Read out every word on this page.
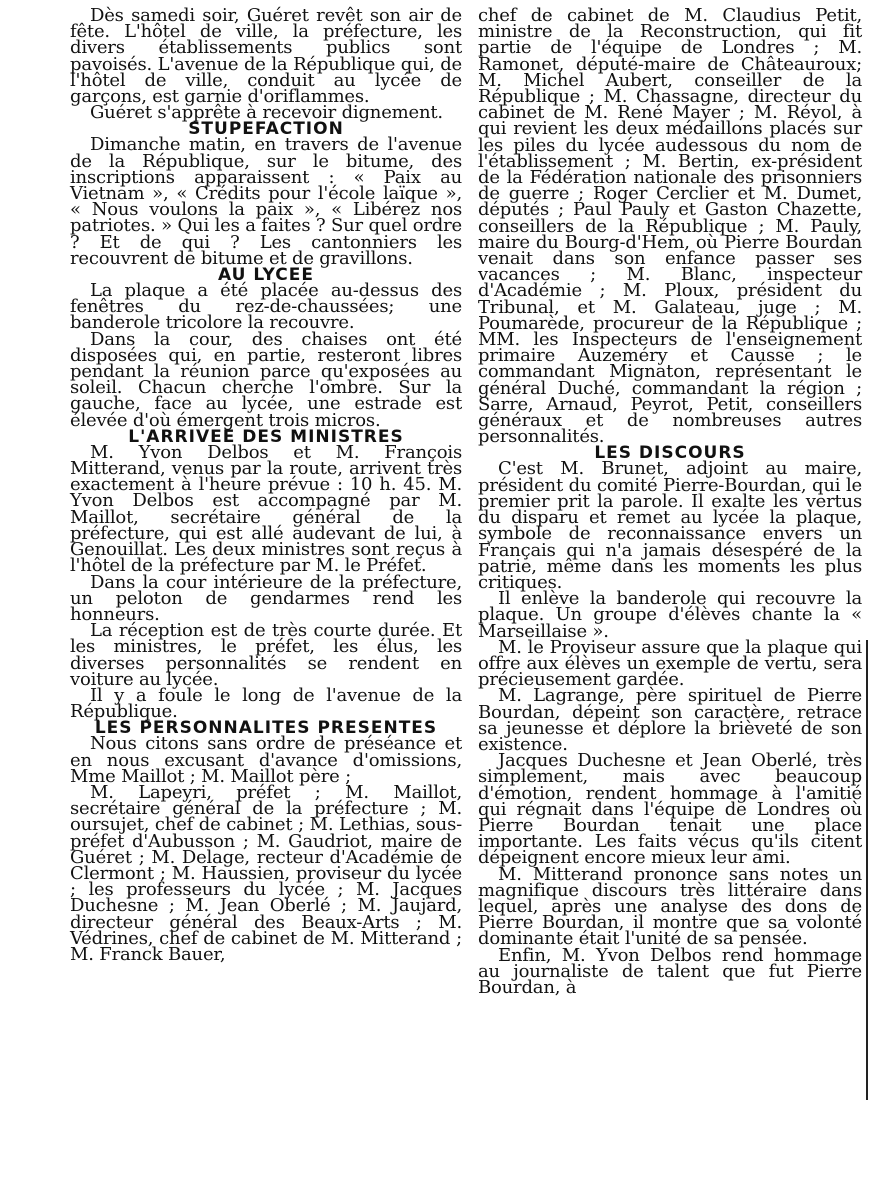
Dès samedi soir, Guéret revêt son air de fête. L'hôtel de ville, la préfecture, les divers établissements publics sont pavoisés. L'avenue de la République qui, de l'hôtel de ville, conduit au lycée de garçons, est garnie d'oriflammes.

Guéret s'apprête à recevoir dignement.

STUPEFACTION

Dimanche matin, en travers de l'avenue de la République, sur le bitume, des inscriptions apparaissent : « Paix au Vietnam », « Crédits pour l'école laïque », « Nous voulons la paix », « Libérez nos patriotes. » Qui les a faites ? Sur quel ordre ? Et de qui ? Les cantonniers les recouvrent de bitume et de gravillons.

AU LYCEE

La plaque a été placée au-dessus des fenêtres du rez-de-chaussées; une banderole tricolore la recouvre.

Dans la cour, des chaises ont été disposées qui, en partie, resteront libres pendant la réunion parce qu'exposées au soleil. Chacun cherche l'ombre. Sur la gauche, face au lycée, une estrade est élevée d'où émergent trois micros.

L'ARRIVEE DES MINISTRES

M. Yvon Delbos et M. François Mitterand, venus par la route, arrivent très exactement à l'heure prévue : 10 h. 45. M. Yvon Delbos est accompagné par M. Maillot, secrétaire général de la préfecture, qui est allé audevant de lui, à Genouillat. Les deux ministres sont reçus à l'hôtel de la préfecture par M. le Préfet.

Dans la cour intérieure de la préfecture, un peloton de gendarmes rend les honneurs.

La réception est de très courte durée. Et les ministres, le préfet, les élus, les diverses personnalités se rendent en voiture au lycée.

Il y a foule le long de l'avenue de la République.

LES PERSONNALITES PRESENTES

Nous citons sans ordre de préséance et en nous excusant d'avance d'omissions, Mme Maillot ; M. Maillot père ;

M. Lapeyri, préfet ; M. Maillot, secrétaire général de la préfecture ; M. oursujet, chef de cabinet ; M. Lethias, sous-préfet d'Aubusson ; M. Gaudriot, maire de Guéret ; M. Delage, recteur d'Académie de Clermont ; M. Haussien, proviseur du lycée ; les professeurs du lycée ; M. Jacques Duchesne ; M. Jean Oberlé ; M. Jaujard, directeur général des Beaux-Arts ; M. Védrines, chef de cabinet de M. Mitterand ; M. Franck Bauer,

chef de cabinet de M. Claudius Petit, ministre de la Reconstruction, qui fit partie de l'équipe de Londres ; M. Ramonet, député-maire de Châteauroux; M. Michel Aubert, conseiller de la République ; M. Chassagne, directeur du cabinet de M. René Mayer ; M. Révol, à qui revient les deux médaillons placés sur les piles du lycée audessous du nom de l'établissement ; M. Bertin, ex-président de la Fédération nationale des prisonniers de guerre ; Roger Cerclier et M. Dumet, députés ; Paul Pauly et Gaston Chazette, conseillers de la République ; M. Pauly, maire du Bourg-d'Hem, où Pierre Bourdan venait dans son enfance passer ses vacances ; M. Blanc, inspecteur d'Académie ; M. Ploux, président du Tribunal, et M. Galateau, juge ; M. Poumarède, procureur de la République ; MM. les Inspecteurs de l'enseignement primaire Auzeméry et Causse ; le commandant Mignaton, représentant le général Duché, commandant la région ; Sarre, Arnaud, Peyrot, Petit, conseillers généraux et de nombreuses autres personnalités.

LES DISCOURS

C'est M. Brunet, adjoint au maire, président du comité Pierre-Bourdan, qui le premier prit la parole. Il exalte les vertus du disparu et remet au lycée la plaque, symbole de reconnaissance envers un Français qui n'a jamais désespéré de la patrie, même dans les moments les plus critiques.

Il enlève la banderole qui recouvre la plaque. Un groupe d'élèves chante la « Marseillaise ».

M. le Proviseur assure que la plaque qui offre aux élèves un exemple de vertu, sera précieusement gardée.

M. Lagrange, père spirituel de Pierre Bourdan, dépeint son caractère, retrace sa jeunesse et déplore la brièveté de son existence.

Jacques Duchesne et Jean Oberlé, très simplement, mais avec beaucoup d'émotion, rendent hommage à l'amitié qui régnait dans l'équipe de Londres où Pierre Bourdan tenait une place importante. Les faits vécus qu'ils citent dépeignent encore mieux leur ami.

M. Mitterand prononce sans notes un magnifique discours très littéraire dans lequel, après une analyse des dons de Pierre Bourdan, il montre que sa volonté dominante était l'unité de sa pensée.

Enfin, M. Yvon Delbos rend hommage au journaliste de talent que fut Pierre Bourdan, à
